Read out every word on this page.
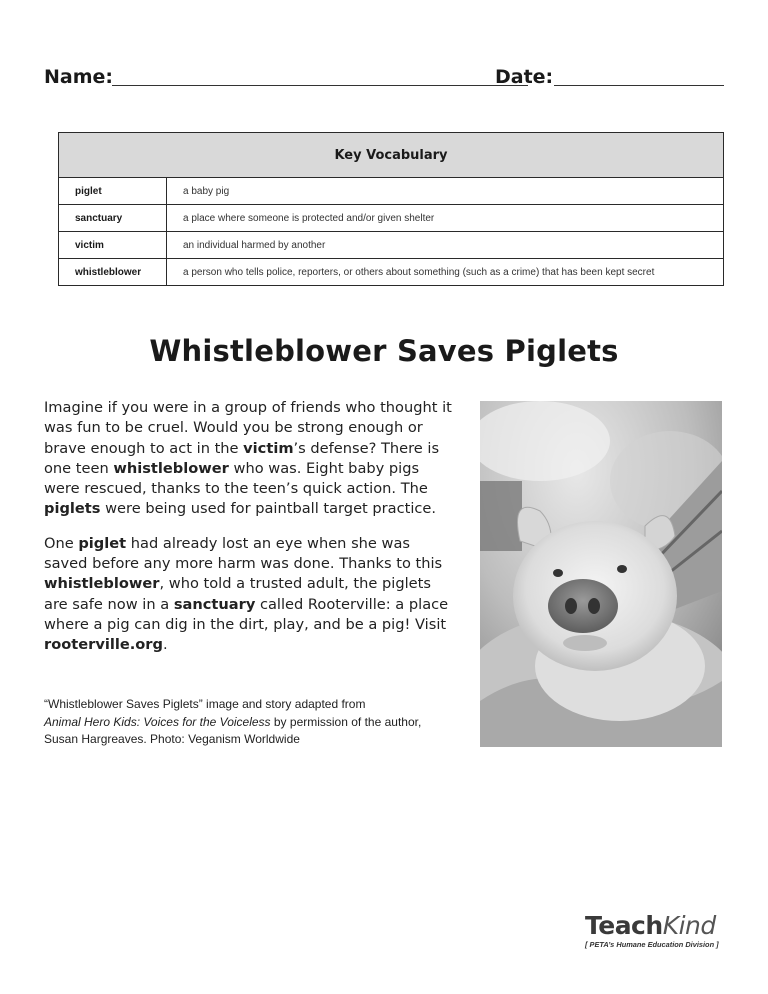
Name:	Date:
Key Vocabulary
piglet	a baby pig
sanctuary	a place where someone is protected and/or given shelter
victim	an individual harmed by another
whistleblower	a person who tells police, reporters, or others about something (such as a crime) that has been kept secret
Whistleblower Saves Piglets

Imagine if you were in a group of friends who thought it was fun to be cruel. Would you be strong enough or brave enough to act in the victim’s defense? There is one teen whistleblower who was. Eight baby pigs were rescued, thanks to the teen’s quick action. The piglets were being used for paintball target practice.

One piglet had already lost an eye when she was saved before any more harm was done. Thanks to this whistleblower, who told a trusted adult, the piglets are safe now in a sanctuary called Rooterville: a place where a pig can dig in the dirt, play, and be a pig! Visit rooterville.org.

“Whistleblower Saves Piglets” image and story adapted from
Animal Hero Kids: Voices for the Voiceless by permission of the author,
Susan Hargreaves. Photo: Veganism Worldwide
TeachKind
[ PETA’s Humane Education Division ]
